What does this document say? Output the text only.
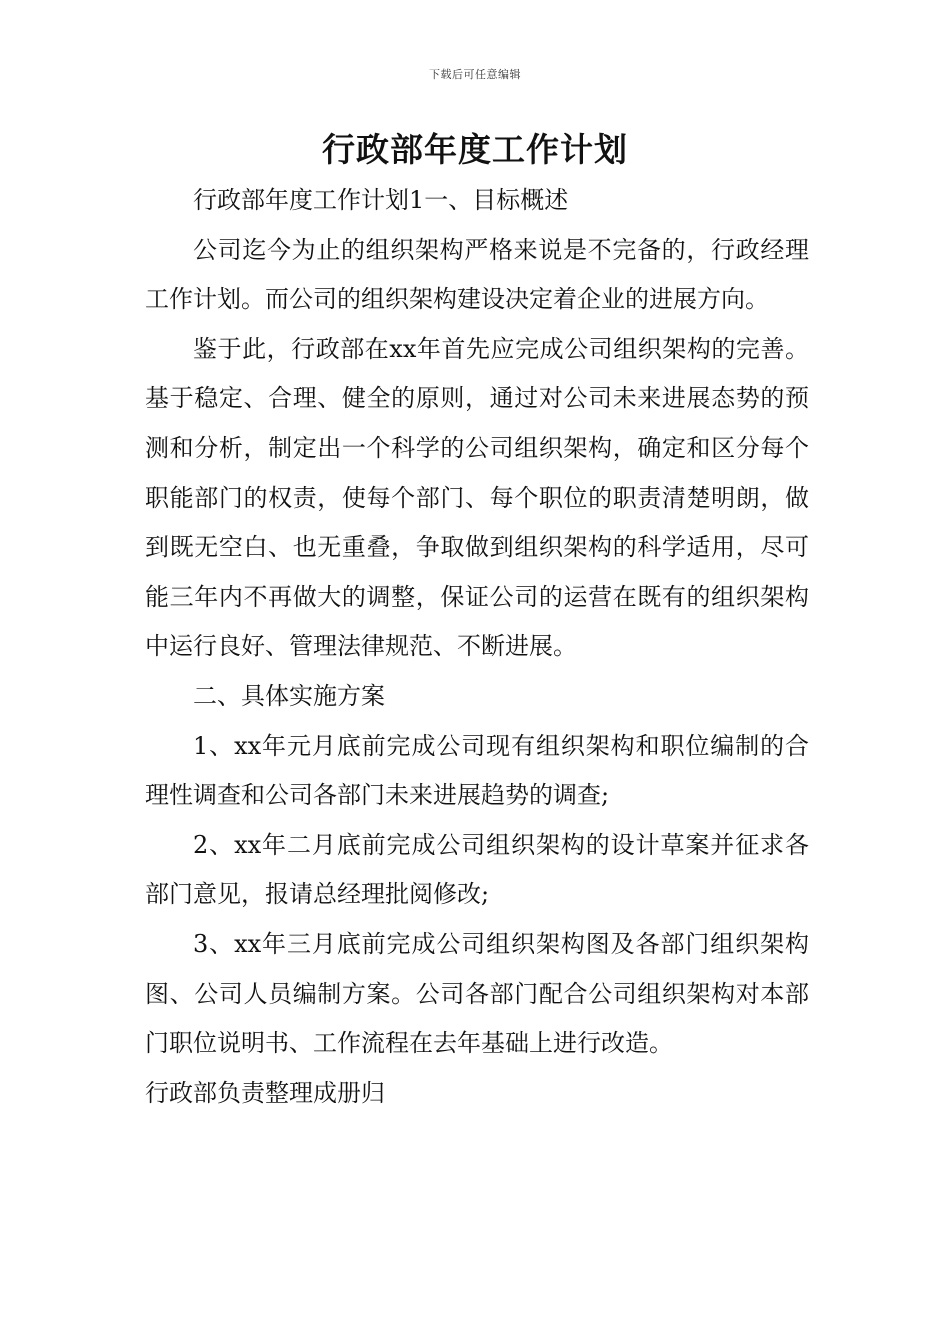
下载后可任意编辑
行政部年度工作计划

行政部年度工作计划1一、目标概述

公司迄今为止的组织架构严格来说是不完备的，行政经理工作计划。而公司的组织架构建设决定着企业的进展方向。

鉴于此，行政部在xx年首先应完成公司组织架构的完善。基于稳定、合理、健全的原则，通过对公司未来进展态势的预测和分析，制定出一个科学的公司组织架构，确定和区分每个职能部门的权责，使每个部门、每个职位的职责清楚明朗，做到既无空白、也无重叠，争取做到组织架构的科学适用，尽可能三年内不再做大的调整，保证公司的运营在既有的组织架构中运行良好、管理法律规范、不断进展。

二、具体实施方案

1、xx年元月底前完成公司现有组织架构和职位编制的合理性调查和公司各部门未来进展趋势的调查;

2、xx年二月底前完成公司组织架构的设计草案并征求各部门意见，报请总经理批阅修改;

3、xx年三月底前完成公司组织架构图及各部门组织架构图、公司人员编制方案。公司各部门配合公司组织架构对本部门职位说明书、工作流程在去年基础上进行改造。

行政部负责整理成册归
